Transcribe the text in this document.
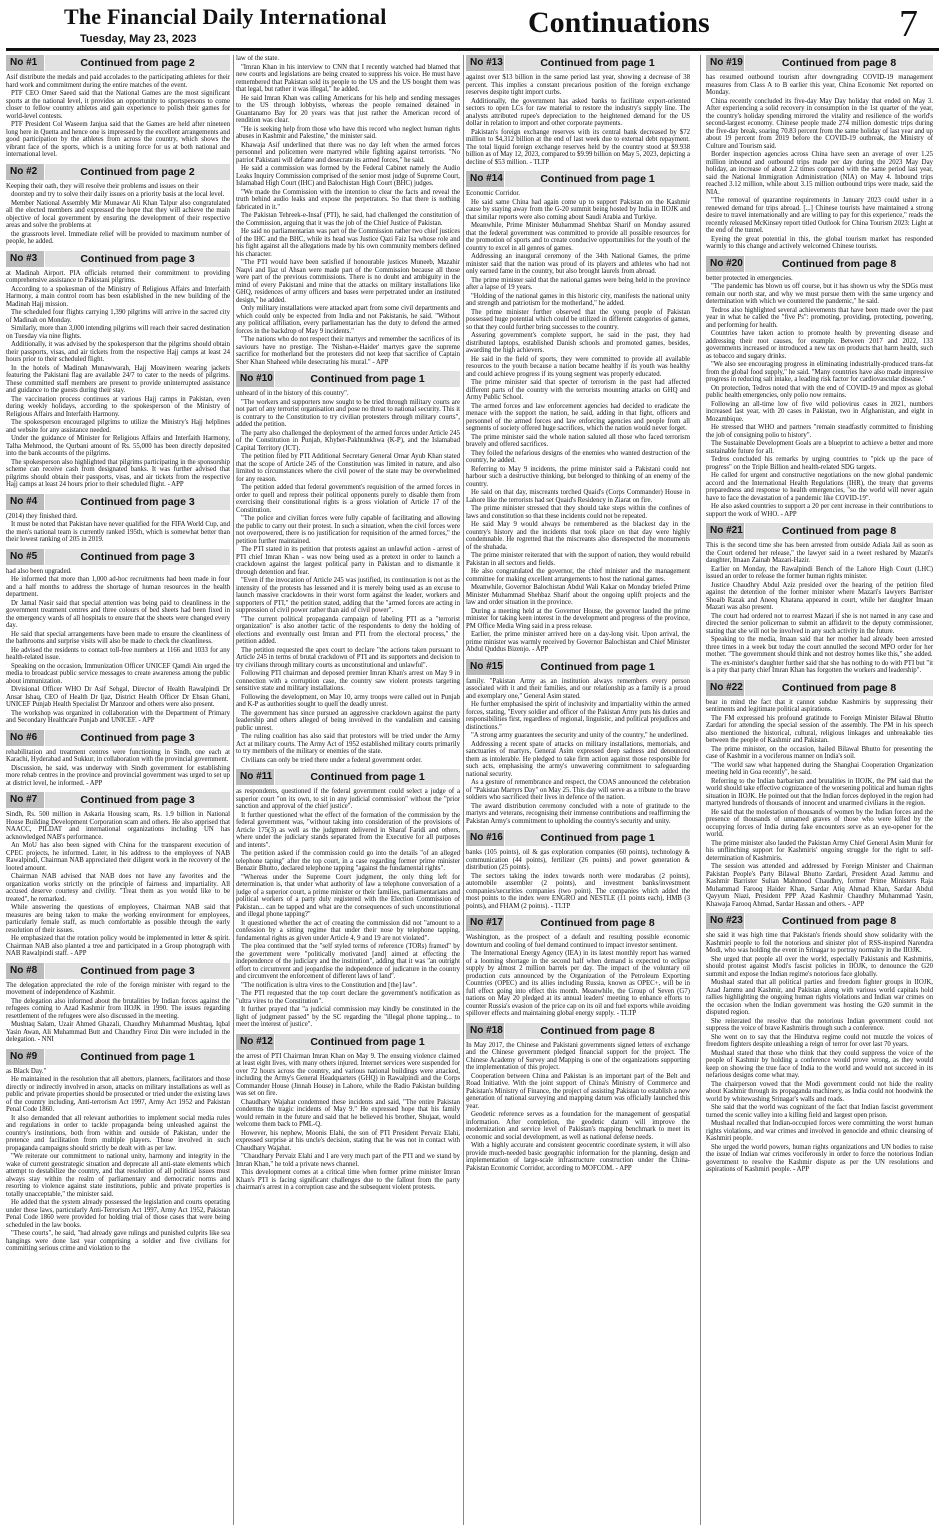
The Financial Daily International
Tuesday, May 23, 2023	Continuations	7
No #1	Continued from page 2

Asif distribute the medals and paid accolades to the participating athletes for their hard work and commitment during the entire matches of the event.

PTF CEO Omer Saeed said that the National Games are the most significant sports at the national level, it provides an opportunity to sportspersons to come closer to fellow country athletes and gain experience to polish their games for world-level contests.

PTF President Col Waseem Janjua said that the Games are held after nineteen long here in Quetta and hence one is impressed by the excellent arrangements and good participation by the athletes from across the country, which shows the vibrant face of the sports, which is a uniting force for us at both national and international level.

No #2	Continued from page 2

Keeping their oath, they will resolve their problems and issues on their

doorstep and try to solve their daily issues on a priority basis at the local level.

Member National Assembly Mir Munawar Ali Khan Talpur also congratulated all the elected members and expressed the hope that they will achieve the main objective of local government by ensuring the development of their respective areas and solve the problems at

the grassroots level. Immediate relief will be provided to maximum number of people, he added.

No #3	Continued from page 3

at Madinah Airport. PIA officials returned their commitment to providing comprehensive assistance to Pakistani pilgrims.

According to a spokesman of the Ministry of Religious Affairs and Interfaith Harmony, a main control room has been established in the new building of the Madinah Hajj mission.

The scheduled four flights carrying 1,390 pilgrims will arrive in the sacred city of Madinah on Monday.

Similarly, more than 3,000 intending pilgrims will reach their sacred destination on Tuesday via nine flights.

Additionally, it was advised by the spokesperson that the pilgrims should obtain their passports, visas, and air tickets from the respective Hajj camps at least 24 hours prior to their scheduled flight.

In the hotels of Madinah Munawwarah, Hajj Moavineen wearing jackets featuring the Pakistani flag are available 24/7 to cater to the needs of pilgrims. These committed staff members are present to provide uninterrupted assistance and guidance to the guests during their stay.

The vaccination process continues at various Hajj camps in Pakistan, even during weekly holidays, according to the spokesperson of the Ministry of Religious Affairs and Interfaith Harmony.

The spokesperson encouraged pilgrims to utilize the Ministry's Hajj helplines and website for any assistance needed.

Under the guidance of Minister for Religious Affairs and Interfaith Harmony, Talha Mehmood, the Qurbani amount of Rs. 55,000 has been directly deposited into the bank accounts of the pilgrims.

The spokesperson also highlighted that pilgrims participating in the sponsorship scheme can receive cash from designated banks. It was further advised that pilgrims should obtain their passports, visas, and air tickets from the respective Hajj camps at least 24 hours prior to their scheduled flight. - APP

No #4	Continued from page 3

(2014) they finished third.

It must be noted that Pakistan have never qualified for the FIFA World Cup, and the men's national team is currently ranked 195th, which is somewhat better than their lowest ranking of 205 in 2019.

No #5	Continued from page 3

had also been upgraded.

He informed that more than 1,000 ad-hoc recruitments had been made in four and a half months to address the shortage of human resources in the health department.

Dr Jamal Nasir said that special attention was being paid to cleanliness in the government treatment centres and three colours of bed sheets had been fixed in the emergency wards of all hospitals to ensure that the sheets were changed every day.

He said that special arrangements have been made to ensure the cleanliness of the bathrooms and surprise visits will also be made to check the cleanliness.

He advised the residents to contact toll-free numbers at 1166 and 1033 for any health-related issue.

Speaking on the occasion, Immunization Officer UNICEF Qamdi Ain urged the media to broadcast public service messages to create awareness among the public about immunization.

Divisional Officer WHO Dr Asif Sehgal, Director of Health Rawalpindi Dr Ansar Ishaq, CEO of Health Dr Ijaz, District Health Officer Dr Ehsan Ghani, UNICEF Punjab Health Specialist Dr Manzoor and others were also present.

The workshop was organized in collaboration with the Department of Primary and Secondary Healthcare Punjab and UNICEF. - APP

No #6	Continued from page 3

rehabilitation and treatment centres were functioning in Sindh, one each at Karachi, Hyderabad and Sukkur, in collaboration with the provincial government.

Discussion, he said, was underway with Sindh government for establishing more rehab centres in the province and provincial government was urged to set up at district level, he informed. - APP

No #7	Continued from page 3

Sindh, Rs. 500 million in Askaria Housing scam, Rs. 1.9 billion in National House Building Development Corporation scam and others. He also apprised that NAACC, PILDAT and international organizations including UN has acknowledged NAB's performance.

An MoU has also been signed with China for the transparent execution of CPEC projects, he informed. Later, in his address to the employees of NAB Rawalpindi, Chairman NAB appreciated their diligent work in the recovery of the looted amount.

Chairman NAB advised that NAB does not have any favorites and the organization works strictly on the principle of fairness and impartiality. All accused deserve courtesy and civility. "Treat them as you would like to be treated", he remarked.

While answering the questions of employees, Chairman NAB said that measures are being taken to make the working environment for employees, particularly female staff, as much comfortable as possible through the early resolution of their issues.

He emphasized that the rotation policy would be implemented in letter & spirit. Chairman NAB also planted a tree and participated in a Group photograph with NAB Rawalpindi staff. - APP

No #8	Continued from page 3

The delegation appreciated the role of the foreign minister with regard to the movement of independence of Kashmir.

The delegation also informed about the brutalities by Indian forces against the refugees coming to Azad Kashmir from IIOJK in 1990. The issues regarding resettlement of the refugees were also discussed in the meeting.

Mushtaq Salam, Uzair Ahmed Ghazali, Chaudhry Muhammad Mushtaq, Iqbal Yasin Awan, Ali Muhammad Butt and Chaudhry Firoz Din were included in the delegation. - NNI

No #9	Continued from page 1

as Black Day."

He maintained in the resolution that all abettors, planners, facilitators and those directly or indirectly involved in arson, attacks on military installations as well as public and private properties should be prosecuted or tried under the existing laws of the country including, Anti-terrorism Act 1997, Army Act 1952 and Pakistan Penal Code 1860.

It also demanded that all relevant authorities to implement social media rules and regulations in order to tackle propaganda being unleashed against the country's institutions, both from within and outside of Pakistan, under the pretence and facilitation from multiple players. Those involved in such propaganda campaigns should strictly be dealt with as per law.

"We reiterate our commitment to national unity, harmony and integrity in the wake of current geostrategic situation and deprecate all anti-state elements which attempt to destabilize the country, and that resolution of all political issues must always stay within the realm of parliamentary and democratic norms and resorting to violence against state institutions, public and private properties is totally unacceptable," the minister said.

He added that the system already possessed the legislation and courts operating under those laws, particularly Anti-Terrorism Act 1997, Army Act 1952, Pakistan Penal Code 1860 were provided for holding trial of those cases that were being scheduled in the law books.

"These courts", he said, "had already gave rulings and punished culprits like sea hangings were done last year comprising a soldier and five civilians for committing serious crime and violation to the

law of the state.

"Imran Khan in his interview to CNN that I recently watched had blamed that new courts and legislations are being created to suppress his voice. He must have remembered that Pakistan sold its people to the US and the US bought them was that legal, but rather it was illegal," he added.

He said Imran Khan was calling Americans for his help and sending messages to the US through lobbyists, whereas the people remained detained in Guantanamo Bay for 20 years was that just rather the American record of rendition was clear.

"He is seeking help from those who have this record who neglect human rights abuses in Kashmir and Palestine," the minister said.

Khawaja Asif underlined that there was no day left when the armed forces personnel and policemen were martyred while fighting against terrorists. "No patriot Pakistani will defame and desecrate its armed forces," he said.

He said a commission was formed by the Federal Cabinet namely the Audio Leaks Inquiry Commission comprised of the senior most judge of Supreme Court, Islamabad High Court (IHC) and Balochistan High Court (BHC) judges.

"We made the Commission with the intention to clear the facts and reveal the truth behind audio leaks and expose the perpetrators. So that there is nothing fabricated in it."

The Pakistan Tehreek-e-Insaf (PTI), he said, had challenged the constitution of the Commission, arguing that it was the job of the Chief Justice of Pakistan.

He said no parliamentarian was part of the Commission rather two chief justices of the IHC and the BHC, while its head was Justice Qazi Faiz Isa whose role and his fight against all the allegations made by his own community members defined his character.

"The PTI would have been satisfied if honourable justices Muneeb, Mazahir Naqvi and Ijaz ul Ahsan were made part of the Commission because all those were part of the previous commissions. There is no doubt and ambiguity in the mind of every Pakistani and mine that the attacks on military installations like GHQ, residences of army officers and bases were perpetrated under an instituted design," he added.

Only military installations were attacked apart from some civil departments and which could only be expected from India and not Pakistanis, he said. "Without any political affiliation, every parliamentarian has the duty to defend the armed forces in the backdrop of May 9 incidents."

"The nations who do not respect their martyrs and remember the sacrifices of its saviours have no prestige. The 'Nishan-e-Haider' martyrs gave the supreme sacrifice for motherland but the protesters did not keep that sacrifice of Captain Sher Khan Shaheed while desecrating his mural." - APP

No #10	Continued from page 1

unheard of in the history of this country".

"The workers and supporters now sought to be tried through military courts are not part of any terrorist organisation and pose no threat to national security. This it is contrary to the Constitution to try civilian protesters through military courts", added the petition.

The party also challenged the deployment of the armed forces under Article 245 of the Constitution in Punjab, Khyber-Pakhtunkhwa (K-P), and the Islamabad Capital Territory (ICT).

The petition filed by PTI Additional Secretary General Omar Ayub Khan stated that the scope of Article 245 of the Constitution was limited in nature, and also limited to circumstances where the civil power of the state may be overwhelmed for any reason.

The petition added that federal government's requisition of the armed forces in order to quell and repress their political opponents purely to disable them from exercising their constitutional rights is a gross violation of Article 17 of the Constitution.

"The police and civilian forces were fully capable of facilitating and allowing the public to carry out their protest. In such a situation, when the civil forces were not overpowered, there is no justification for requisition of the armed forces," the petition further maintained.

The PTI stated in its petition that protests against an unlawful action - arrest of PTI chief Imran Khan - was now being used as a pretext in order to launch a crackdown against the largest political party in Pakistan and to dismantle it through detention and fear.

"Even if the invocation of Article 245 was justified, its continuation is not as the intensity of the protests has lessened and it is merely being used as an excuse to launch massive crackdowns in their worst form against the leader, workers and supporters of PTI," the petition stated, adding that the "armed forces are acting in suppression of civil power rather than aid of civil power".

"The current political propaganda campaign of labeling PTI as a "terrorist organization" is also another tactic of the respondents to deny the holding of elections and eventually oust Imran and PTI from the electoral process," the petition added.

The petition requested the apex court to declare "the actions taken pursuant to Article 245 in terms of brutal crackdown of PTI and its supporters and decision to try civilians through military courts as unconstitutional and unlawful".

Following PTI chairman and deposed premier Imran Khan's arrest on May 9 in connection with a corruption case, the country saw violent protests targeting sensitive state and military installations.

Following the development, on May 10, army troops were called out in Punjab and K-P as authorities sought to quell the deadly unrest.

The government has since pursued an aggressive crackdown against the party leadership and others alleged of being involved in the vandalism and causing public unrest.

The ruling coalition has also said that protestors will be tried under the Army Act at military courts. The Army Act of 1952 established military courts primarily to try members of the military or enemies of the state.

Civilians can only be tried there under a federal government order.

No #11	Continued from page 1

as respondents, questioned if the federal government could select a judge of a superior court "on its own, to sit in any judicial commission" without the "prior sanction and approval of the chief justice".

It further questioned what the effect of the formation of the commission by the federal government was, "without taking into consideration of the provisions of Article 175(3) as well as the judgment delivered in Sharaf Faridi and others, where under the judiciary stands separated from the Executive for all purposes and intents".

The petition asked if the commission could go into the details "of an alleged telephone taping" after the top court, in a case regarding former prime minister Benazir Bhutto, declared telephone tapping "against the fundamental rights".

"Whereas under the Supreme Court judgment, the only thing left for determination is, that under what authority of law a telephone conversation of a judge of a superior court, a prime minister or their families, parliamentarians and political workers of a party duly registered with the Election Commission of Pakistan... can be tapped and what are the consequences of such unconstitutional and illegal phone tapping?"

It questioned whether the act of creating the commission did not "amount to a confession by a sitting regime that under their nose by telephone tapping, fundamental rights as given under Article 4, 9 and 19 are not violated".

The plea continued that the "self styled terms of reference (TORs) framed" by the government were "politically motivated [and] aimed at effecting the independence of the judiciary and the institution", adding that it was "an outright effort to circumvent and jeopardise the independence of judicature in the country and circumvent the enforcement of different laws of land".

"The notification is ultra vires to the Constitution and [the] law".

The PTI requested that the top court declare the government's notification as "ultra vires to the Constitution".

It further prayed that "a judicial commission may kindly be constituted in the light of judgment passed" by the SC regarding the "illegal phone tapping... to meet the interest of justice".

No #12	Continued from page 1

the arrest of PTI Chairman Imran Khan on May 9. The ensuing violence claimed at least eight lives, with many others injured. Internet services were suspended for over 72 hours across the country, and various national buildings were attacked, including the Army's General Headquarters (GHQ) in Rawalpindi and the Corps Commander House (Jinnah House) in Lahore, while the Radio Pakistan building was set on fire.

Chaudhary Wajahat condemned these incidents and said, "The entire Pakistan condemns the tragic incidents of May 9." He expressed hope that his family would remain in the future and said that he believed his brother, Shujaat, would welcome them back to PML-Q.

However, his nephew, Moonis Elahi, the son of PTI President Pervaiz Elahi, expressed surprise at his uncle's decision, stating that he was not in contact with Chaudhary Wajahat.

"Chaudhary Pervaiz Elahi and I are very much part of the PTI and we stand by Imran Khan," he told a private news channel.

This development comes at a critical time when former prime minister Imran Khan's PTI is facing significant challenges due to the fallout from the party chairman's arrest in a corruption case and the subsequent violent protests.

No #13	Continued from page 1

against over $13 billion in the same period last year, showing a decrease of 38 percent. This implies a constant precarious position of the foreign exchange reserves despite tight import curbs.

Additionally, the government has asked banks to facilitate export-oriented sectors to open LCs for raw material to restore the industry's supply line. The analysts attributed rupee's depreciation to the heightened demand for the US dollar in relation to import and other corporate payments.

Pakistan's foreign exchange reserves with its central bank decreased by $72 million to $4,312 billion at the end of last week due to external debt repayment. The total liquid foreign exchange reserves held by the country stood at $9.938 billion as of May 12, 2023, compared to $9.99 billion on May 5, 2023, depicting a decline of $53 million. - TLTP

No #14	Continued from page 1

Economic Corridor.

He said same China had again come up to support Pakistan on the Kashmir cause by staying away from the G-20 summit being hosted by India in IIOJK and that similar reports were also coming about Saudi Arabia and Turkiye.

Meanwhile, Prime Minister Muhammad Shehbaz Sharif on Monday assured that the federal government was committed to provide all possible resources for the promotion of sports and to create conducive opportunities for the youth of the country to excel in all genres of games.

Addressing an inaugural ceremony of the 34th National Games, the prime minister said that the nation was proud of its players and athletes who had not only earned fame in the country, but also brought laurels from abroad.

The prime minister said that the national games were being held in the province after a lapse of 19 years.

"Holding of the national games in this historic city, manifests the national unity and strength and patriotism for the motherland," he added.

The prime minister further observed that the young people of Pakistan possessed huge potential which could be utilized in different categories of games, so that they could further bring successes to the country.

Assuring government's complete support, he said in the past, they had distributed laptops, established Danish schools and promoted games, besides, awarding the high achievers.

He said in the field of sports, they were committed to provide all available resources to the youth because a nation became healthy if its youth was healthy and could achieve progress if its young segment was properly educated.

The prime minister said that specter of terrorism in the past had affected different parts of the country with the terrorists mounting attacks on GHQ and Army Public School.

The armed forces and law enforcement agencies had decided to eradicate the menace with the support the nation, he said, adding in that fight, officers and personnel of the armed forces and law enforcing agencies and people from all segments of society offered huge sacrifices, which the nation would never forget.

The prime minister said the whole nation saluted all those who faced terrorism bravely and offered sacrifices.

They foiled the nefarious designs of the enemies who wanted destruction of the country, he added.

Referring to May 9 incidents, the prime minister said a Pakistani could not harbour such a destructive thinking, but belonged to thinking of an enemy of the country.

He said on that day, miscreants torched Quaid's (Corps Commander) House in Lahore like the terrorists had set Quaid's Residency in Ziarat on fire.

The prime minister stressed that they should take steps within the confines of laws and constitution so that these incidents could not be repeated.

He said May 9 would always be remembered as the blackest day in the country's history and the incidents that took place on that day were highly condemnable. He regretted that the miscreants also disrespected the monuments of the shuhada.

The prime minister reiterated that with the support of nation, they would rebuild Pakistan in all sectors and fields.

He also congratulated the governor, the chief minister and the management committee for making excellent arrangements to host the national games.

Meanwhile, Governor Balochistan Abdul Wali Kakar on Monday briefed Prime Minister Muhammad Shehbaz Sharif about the ongoing uplift projects and the law and order situation in the province.

During a meeting held at the Governor House, the governor lauded the prime minister for taking keen interest in the development and progress of the province, PM Office Media Wing said in a press release.

Earlier, the prime minister arrived here on a day-long visit. Upon arrival, the prime minister was warmly received by Governor Balochistan and Chief Minister Abdul Quddus Bizenjo. - APP

No #15	Continued from page 1

family. "Pakistan Army as an institution always remembers every person associated with it and their families, and our relationship as a family is a proud and exemplary one," General Asim stated.

He further emphasised the spirit of inclusivity and impartiality within the armed forces, stating, "Every soldier and officer of the Pakistan Army puts his duties and responsibilities first, regardless of regional, linguistic, and political prejudices and distinctions."

"A strong army guarantees the security and unity of the country," he underlined.

Addressing a recent spate of attacks on military installations, memorials, and sanctuaries of martyrs, General Asim expressed deep sadness and denounced them as intolerable. He pledged to take firm action against those responsible for such acts, emphasising the army's unwavering commitment to safeguarding national security.

As a gesture of remembrance and respect, the COAS announced the celebration of "Pakistan Martyrs Day" on May 25. This day will serve as a tribute to the brave soldiers who sacrificed their lives in defence of the nation.

The award distribution ceremony concluded with a note of gratitude to the martyrs and veterans, recognising their immense contributions and reaffirming the Pakistan Army's commitment to upholding the country's security and unity.

No #16	Continued from page 1

banks (105 points), oil & gas exploration companies (60 points), technology & communication (44 points), fertilizer (26 points) and power generation & distribution (25 points).

The sectors taking the index towards north were modarabas (2 points), automobile assembler (2 points), and investment banks/investment companies/securities companies (two point). The companies which added the most points to the index were ENGRO and NESTLE (11 points each), HMB (3 points), and FHAM (2 points). - TLTP

No #17	Continued from page 8

Washington, as the prospect of a default and resulting possible economic downturn and cooling of fuel demand continued to impact investor sentiment.

The International Energy Agency (IEA) in its latest monthly report has warned of a looming shortage in the second half when demand is expected to eclipse supply by almost 2 million barrels per day. The impact of the voluntary oil production cuts announced by the Organization of the Petroleum Exporting Countries (OPEC) and its allies including Russia, known as OPEC+, will be in full effect going into effect this month. Meanwhile, the Group of Seven (G7) nations on May 20 pledged at its annual leaders' meeting to enhance efforts to counter Russia's evasion of the price cap on its oil and fuel exports while avoiding spillover effects and maintaining global energy supply. - TLTP

No #18	Continued from page 8

In May 2017, the Chinese and Pakistani governments signed letters of exchange and the Chinese government pledged financial support for the project. The Chinese Academy of Survey and Mapping is one of the organizations supporting the implementation of this project.

Cooperation between China and Pakistan is an important part of the Belt and Road Initiative. With the joint support of China's Ministry of Commerce and Pakistan's Ministry of Finance, the project of assisting Pakistan to establish a new generation of national surveying and mapping datum was officially launched this year.

Geodetic reference serves as a foundation for the management of geospatial information. After completion, the geodetic datum will improve the modernization and service level of Pakistan's mapping benchmark to meet its economic and social development, as well as national defense needs.

With a highly accurate and consistent geocentric coordinate system, it will also provide much-needed basic geographic information for the planning, design and implementation of large-scale infrastructure construction under the China-Pakistan Economic Corridor, according to MOFCOM. - APP

No #19	Continued from page 8

has resumed outbound tourism after downgrading COVID-19 management measures from Class A to B earlier this year, China Economic Net reported on Monday.

China recently concluded its five-day May Day holiday that ended on May 3. After experiencing a solid recovery in consumption in the 1st quarter of the year, the country's holiday spending mirrored the vitality and resilience of the world's second-largest economy. Chinese people made 274 million domestic trips during the five-day break, soaring 70.83 percent from the same holiday of last year and up about 19 percent from 2019 before the COVID-19 outbreak, the Ministry of Culture and Tourism said.

Border inspection agencies across China have seen an average of over 1.25 million inbound and outbound trips made per day during the 2023 May Day holiday, an increase of about 2.2 times compared with the same period last year, said the National Immigration Administration (NIA) on May 4. Inbound trips reached 3.12 million, while about 3.15 million outbound trips were made, said the NIA.

"The removal of quarantine requirements in January 2023 could usher in a renewed demand for trips abroad. [...] Chinese tourists have maintained a strong desire to travel internationally and are willing to pay for this experience," reads the recently released McKinsey report titled Outlook for China Tourism 2023: Light at the end of the tunnel.

Eyeing the great potential in this, the global tourism market has responded warmly to this change and actively welcomed Chinese tourists.

No #20	Continued from page 8

better protected in emergencies.

"The pandemic has blown us off course, but it has shown us why the SDGs must remain our north star, and why we must pursue them with the same urgency and determination with which we countered the pandemic," he said.

Tedros also highlighted several achievements that have been made over the past year in what he called the "five Ps": promoting, providing, protecting, powering, and performing for health.

Countries have taken action to promote health by preventing disease and addressing their root causes, for example. Between 2017 and 2022, 133 governments increased or introduced a new tax on products that harm health, such as tobacco and sugary drinks.

"We also see encouraging progress in eliminating industrially-produced trans-fat from the global food supply," he said. "Many countries have also made impressive progress in reducing salt intake, a leading risk factor for cardiovascular disease."

On protection, Tedros noted that with the end of COVID-19 and mpox as global public health emergencies, only polio now remains.

Following an all-time low of five wild poliovirus cases in 2021, numbers increased last year, with 20 cases in Pakistan, two in Afghanistan, and eight in Mozambique.

He stressed that WHO and partners "remain steadfastly committed to finishing the job of consigning polio to history".

The Sustainable Development Goals are a blueprint to achieve a better and more sustainable future for all.

Tedros concluded his remarks by urging countries to "pick up the pace of progress" on the Triple Billion and health-related SDG targets.

He called for urgent and constructive negotiations on the new global pandemic accord and the International Health Regulations (IHR), the treaty that governs preparedness and response to health emergencies, "so the world will never again have to face the devastation of a pandemic like COVID-19".

He also asked countries to support a 20 per cent increase in their contributions to support the work of WHO. - APP

No #21	Continued from page 8

This is the second time she has been arrested from outside Adiala Jail as soon as the Court ordered her release," the lawyer said in a tweet reshared by Mazari's daughter, Imaan Zainab Mazari-Hazir.

Earlier on Monday, the Rawalpindi Bench of the Lahore High Court (LHC) issued an order to release the former human rights minister.

Justice Chaudhry Abdul Aziz presided over the hearing of the petition filed against the detention of the former minister where Mazari's lawyers Barrister Shoaib Razak and Aneeq Khatana appeared in court, while her daughter Imaan Mazari was also present.

The court had ordered not to rearrest Mazari if she is not named in any case and directed the senior policeman to submit an affidavit to the deputy commissioner, stating that she will not be involved in any such activity in the future.

Speaking to the media, Imaan said that her mother had already been arrested three times in a week but today the court annulled the second MPO order for her mother. "The government should think and not destroy homes like this," she added.

The ex-minister's daughter further said that she has nothing to do with PTI but "it is a pity that party chief Imran Khan has forgotten the workers and leadership".

No #22	Continued from page 8

bear in mind the fact that it cannot subdue Kashmiris by suppressing their sentiments and legitimate political aspirations.

The FM expressed his profound gratitude to Foreign Minister Bilawal Bhutto Zardari for attending the special session of the assembly. The PM in his speech also mentioned the historical, cultural, religious linkages and unbreakable ties between the people of Kashmir and Pakistan.

The prime minister, on the occasion, hailed Bilawal Bhutto for presenting the case of Kashmir in a vociferous manner on India's soil.

"The world saw what happened during the Shanghai Cooperation Organization meeting held in Goa recently", he said.

Referring to the Indian barbarism and brutalities in IIOJK, the PM said that the world should take effective cognizance of the worsening political and human rights situation in IIOJK. He pointed out that the Indian forces deployed in the region had martyred hundreds of thousands of innocent and unarmed civilians in the region.

He said that the molestation of thousands of women by the Indian forces and the presence of thousands of unnamed graves of those who were killed by the occupying forces of India during fake encounters serve as an eye-opener for the world.

The prime minister also lauded the Pakistan Army Chief General Asim Munir for his unflinching support for Kashmiris' ongoing struggle for the right to self-determination of Kashmiris.

The session was attended and addressed by Foreign Minister and Chairman Pakistan People's Party Bilawal Bhutto Zardari, President Azad Jammu and Kashmir Barrister Sultan Mahmood Chaudhry, former Prime Ministers Raja Muhammad Farooq Haider Khan, Sardar Atiq Ahmad Khan, Sardar Abdul Qayyum Niazi, President PPP Azad Kashmir Chaudhry Muhammad Yasin, Khawaja Farooq Ahmad, Sardar Hassan and others. - APP

No #23	Continued from page 8

she said it was high time that Pakistan's friends should show solidarity with the Kashmiri people to foil the notorious and sinister plot of RSS-inspired Narendra Modi, who was holding the event in Srinagar to portray normalcy in the IIOJK.

She urged that people all over the world, especially Pakistanis and Kashmiris, should protest against Modi's fascist policies in IIOJK, to denounce the G20 summit and expose the Indian regime's notorious face globally.

Mushaal stated that all political parties and freedom fighter groups in IIOJK, Azad Jammu and Kashmir, and Pakistan along with various world capitals hold rallies highlighting the ongoing human rights violations and Indian war crimes on the occasion when the Indian government was hosting the G20 summit in the disputed region.

She reiterated the resolve that the notorious Indian government could not suppress the voice of brave Kashmiris through such a conference.

She went on to say that the Hindutva regime could not muzzle the voices of freedom fighters despite unleashing a reign of terror for over last 70 years.

Mushaal stated that those who think that they could suppress the voice of the people of Kashmir by holding a conference would prove wrong, as they would keep on showing the true face of India to the world and would not succeed in its nefarious designs come what may.

The chairperson vowed that the Modi government could not hide the reality about Kashmir through its propaganda machinery, as India could not hoodwink the world by whitewashing Srinagar's walls and roads.

She said that the world was cognizant of the fact that Indian fascist government turned the scenic valley into a killing field and largest open prison.

Mushaal recalled that Indian-occupied forces were committing the worst human rights violations, and war crimes and involved in genocide and ethnic cleansing of Kashmiri people.

She urged the world powers, human rights organizations and UN bodies to raise the issue of Indian war crimes vociferously in order to force the notorious Indian government to resolve the Kashmir dispute as per the UN resolutions and aspirations of Kashmiri people. - APP
